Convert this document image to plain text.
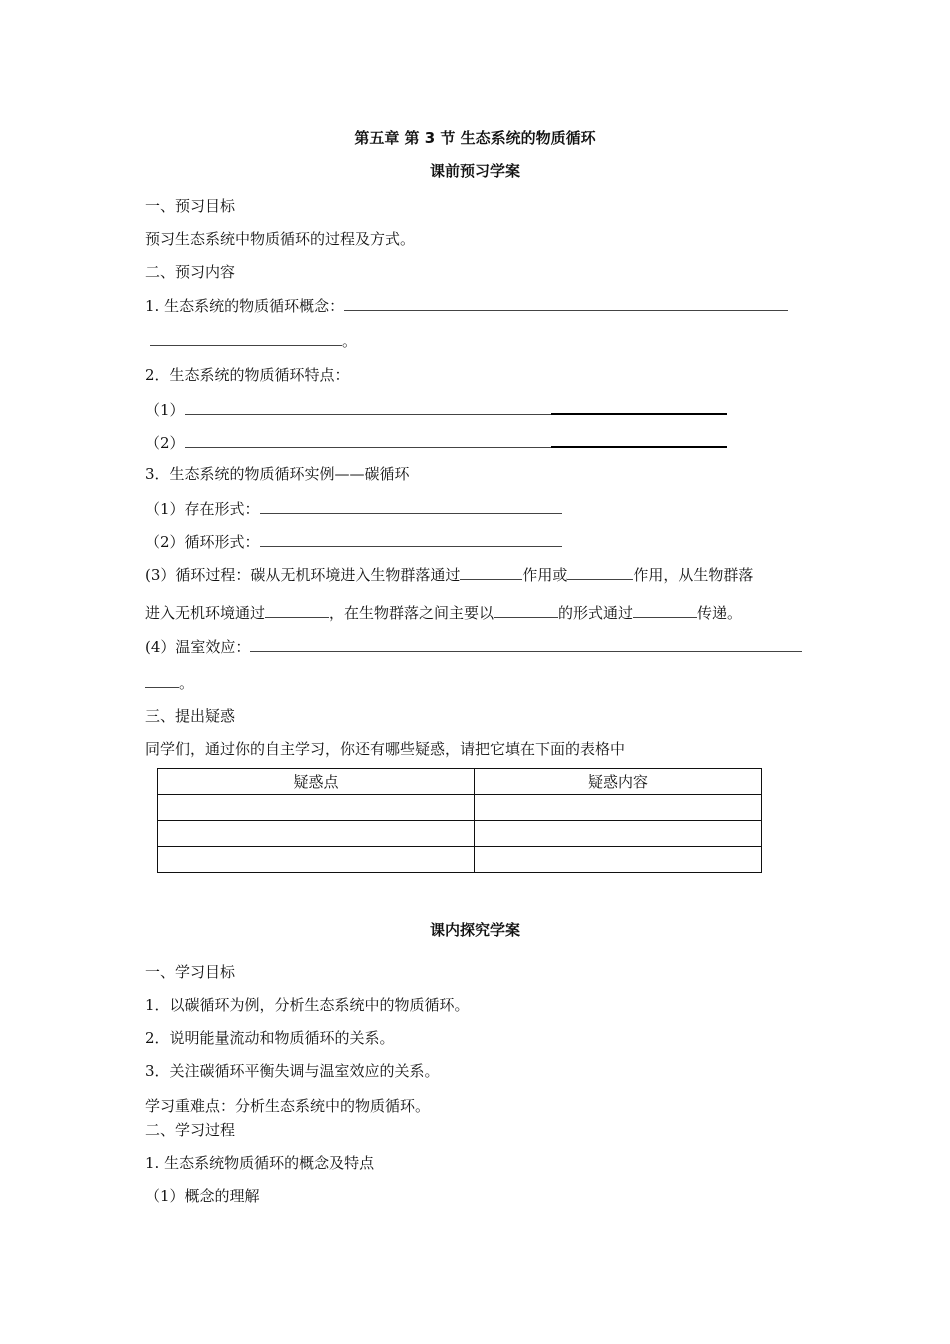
第五章 第 3 节 生态系统的物质循环
课前预习学案
一、预习目标
预习生态系统中物质循环的过程及方式。
二、预习内容
1. 生态系统的物质循环概念：
。
2．生态系统的物质循环特点：
（1）
（2）
3．生态系统的物质循环实例——碳循环
（1）存在形式：
（2）循环形式：
(3）循环过程：碳从无机环境进入生物群落通过	作用或	作用，从生物群落
进入无机环境通过	，在生物群落之间主要以	的形式通过	传递。
(4）温室效应：
。
三、提出疑惑
同学们，通过你的自主学习，你还有哪些疑惑，请把它填在下面的表格中
疑惑点	疑惑内容

课内探究学案
一、学习目标
1．以碳循环为例，分析生态系统中的物质循环。
2．说明能量流动和物质循环的关系。
3．关注碳循环平衡失调与温室效应的关系。
学习重难点：分析生态系统中的物质循环。
二、学习过程
1. 生态系统物质循环的概念及特点
（1）概念的理解
